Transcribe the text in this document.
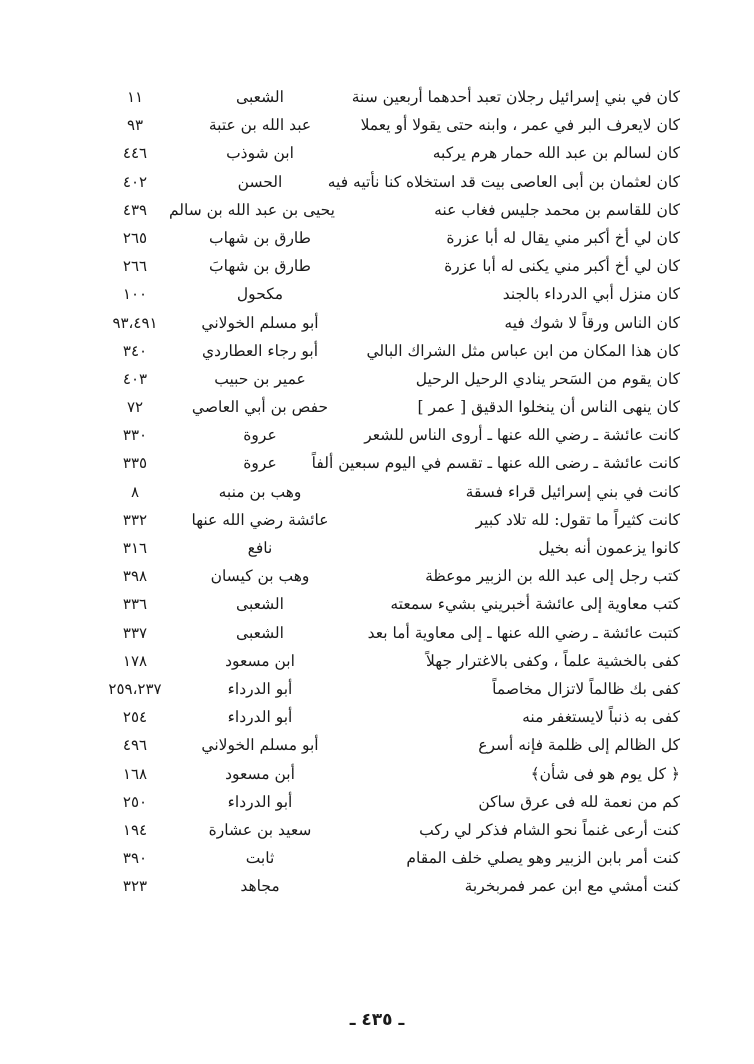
كان في بني إسرائيل رجلان تعبد أحدهما أربعين سنة
الشعبى
١١
كان لايعرف البر في عمر ، وابنه حتى يقولا أو يعملا
عبد الله بن عتبة
٩٣
كان لسالم بن عبد الله حمار هرم يركبه
ابن شوذب
٤٤٦
كان لعثمان بن أبى العاصى بيت قد استخلاه كنا نأتيه فيه
الحسن
٤٠٢
كان للقاسم بن محمد جليس فغاب عنه
يحيى بن عبد الله بن سالم
٤٣٩
كان لي أخ أكبر مني يقال له أبا عزرة
طارق بن شهاب
٢٦٥
كان لي أخ أكبر مني يكنى له أبا عزرة
طارق بن شهابَ
٢٦٦
كان منزل أبي الدرداء بالجند
مكحول
١٠٠
كان الناس ورقاً لا شوك فيه
أبو مسلم الخولاني
٩٣،٤٩١
كان هذا المكان من ابن عباس مثل الشراك البالي
أبو رجاء العطاردي
٣٤٠
كان يقوم من السَحر ينادي الرحيل الرحيل
عمير بن حبيب
٤٠٣
كان ينهى الناس أن ينخلوا الدقيق [ عمر ]
حفص بن أبي العاصي
٧٢
كانت عائشة ـ رضي الله عنها ـ أروى الناس للشعر
عروة
٣٣٠
كانت عائشة ـ رضى الله عنها ـ تقسم في اليوم سبعين ألفاً
عروة
٣٣٥
كانت في بني إسرائيل قراء فسقة
وهب بن منبه
٨
كانت كثيراً ما تقول: لله تلاد كبير
عائشة رضي الله عنها
٣٣٢
كانوا يزعمون أنه بخيل
نافع
٣١٦
كتب رجل إلى عبد الله بن الزبير موعظة
وهب بن كيسان
٣٩٨
كتب معاوية إلى عائشة أخبريني بشيء سمعته
الشعبى
٣٣٦
كتبت عائشة ـ رضي الله عنها ـ إلى معاوية أما بعد
الشعبى
٣٣٧
كفى بالخشية علماً ، وكفى بالاغترار جهلاً
ابن مسعود
١٧٨
كفى بك ظالماً لاتزال مخاصماً
أبو الدرداء
٢٥٩،٢٣٧
كفى به ذنباً لايستغفر منه
أبو الدرداء
٢٥٤
كل الظالم إلى ظلمة فإنه أسرع
أبو مسلم الخولاني
٤٩٦
﴿ كل يوم هو فى شأن﴾
أبن مسعود
١٦٨
كم من نعمة لله فى عرق ساكن
أبو الدرداء
٢٥٠
كنت أرعى غنماً نحو الشام فذكر لي ركب
سعيد بن عشارة
١٩٤
كنت أمر بابن الزبير وهو يصلي خلف المقام
ثابت
٣٩٠
كنت أمشي مع ابن عمر فمربخربة
مجاهد
٣٢٣
ـ ٤٣٥ ـ
